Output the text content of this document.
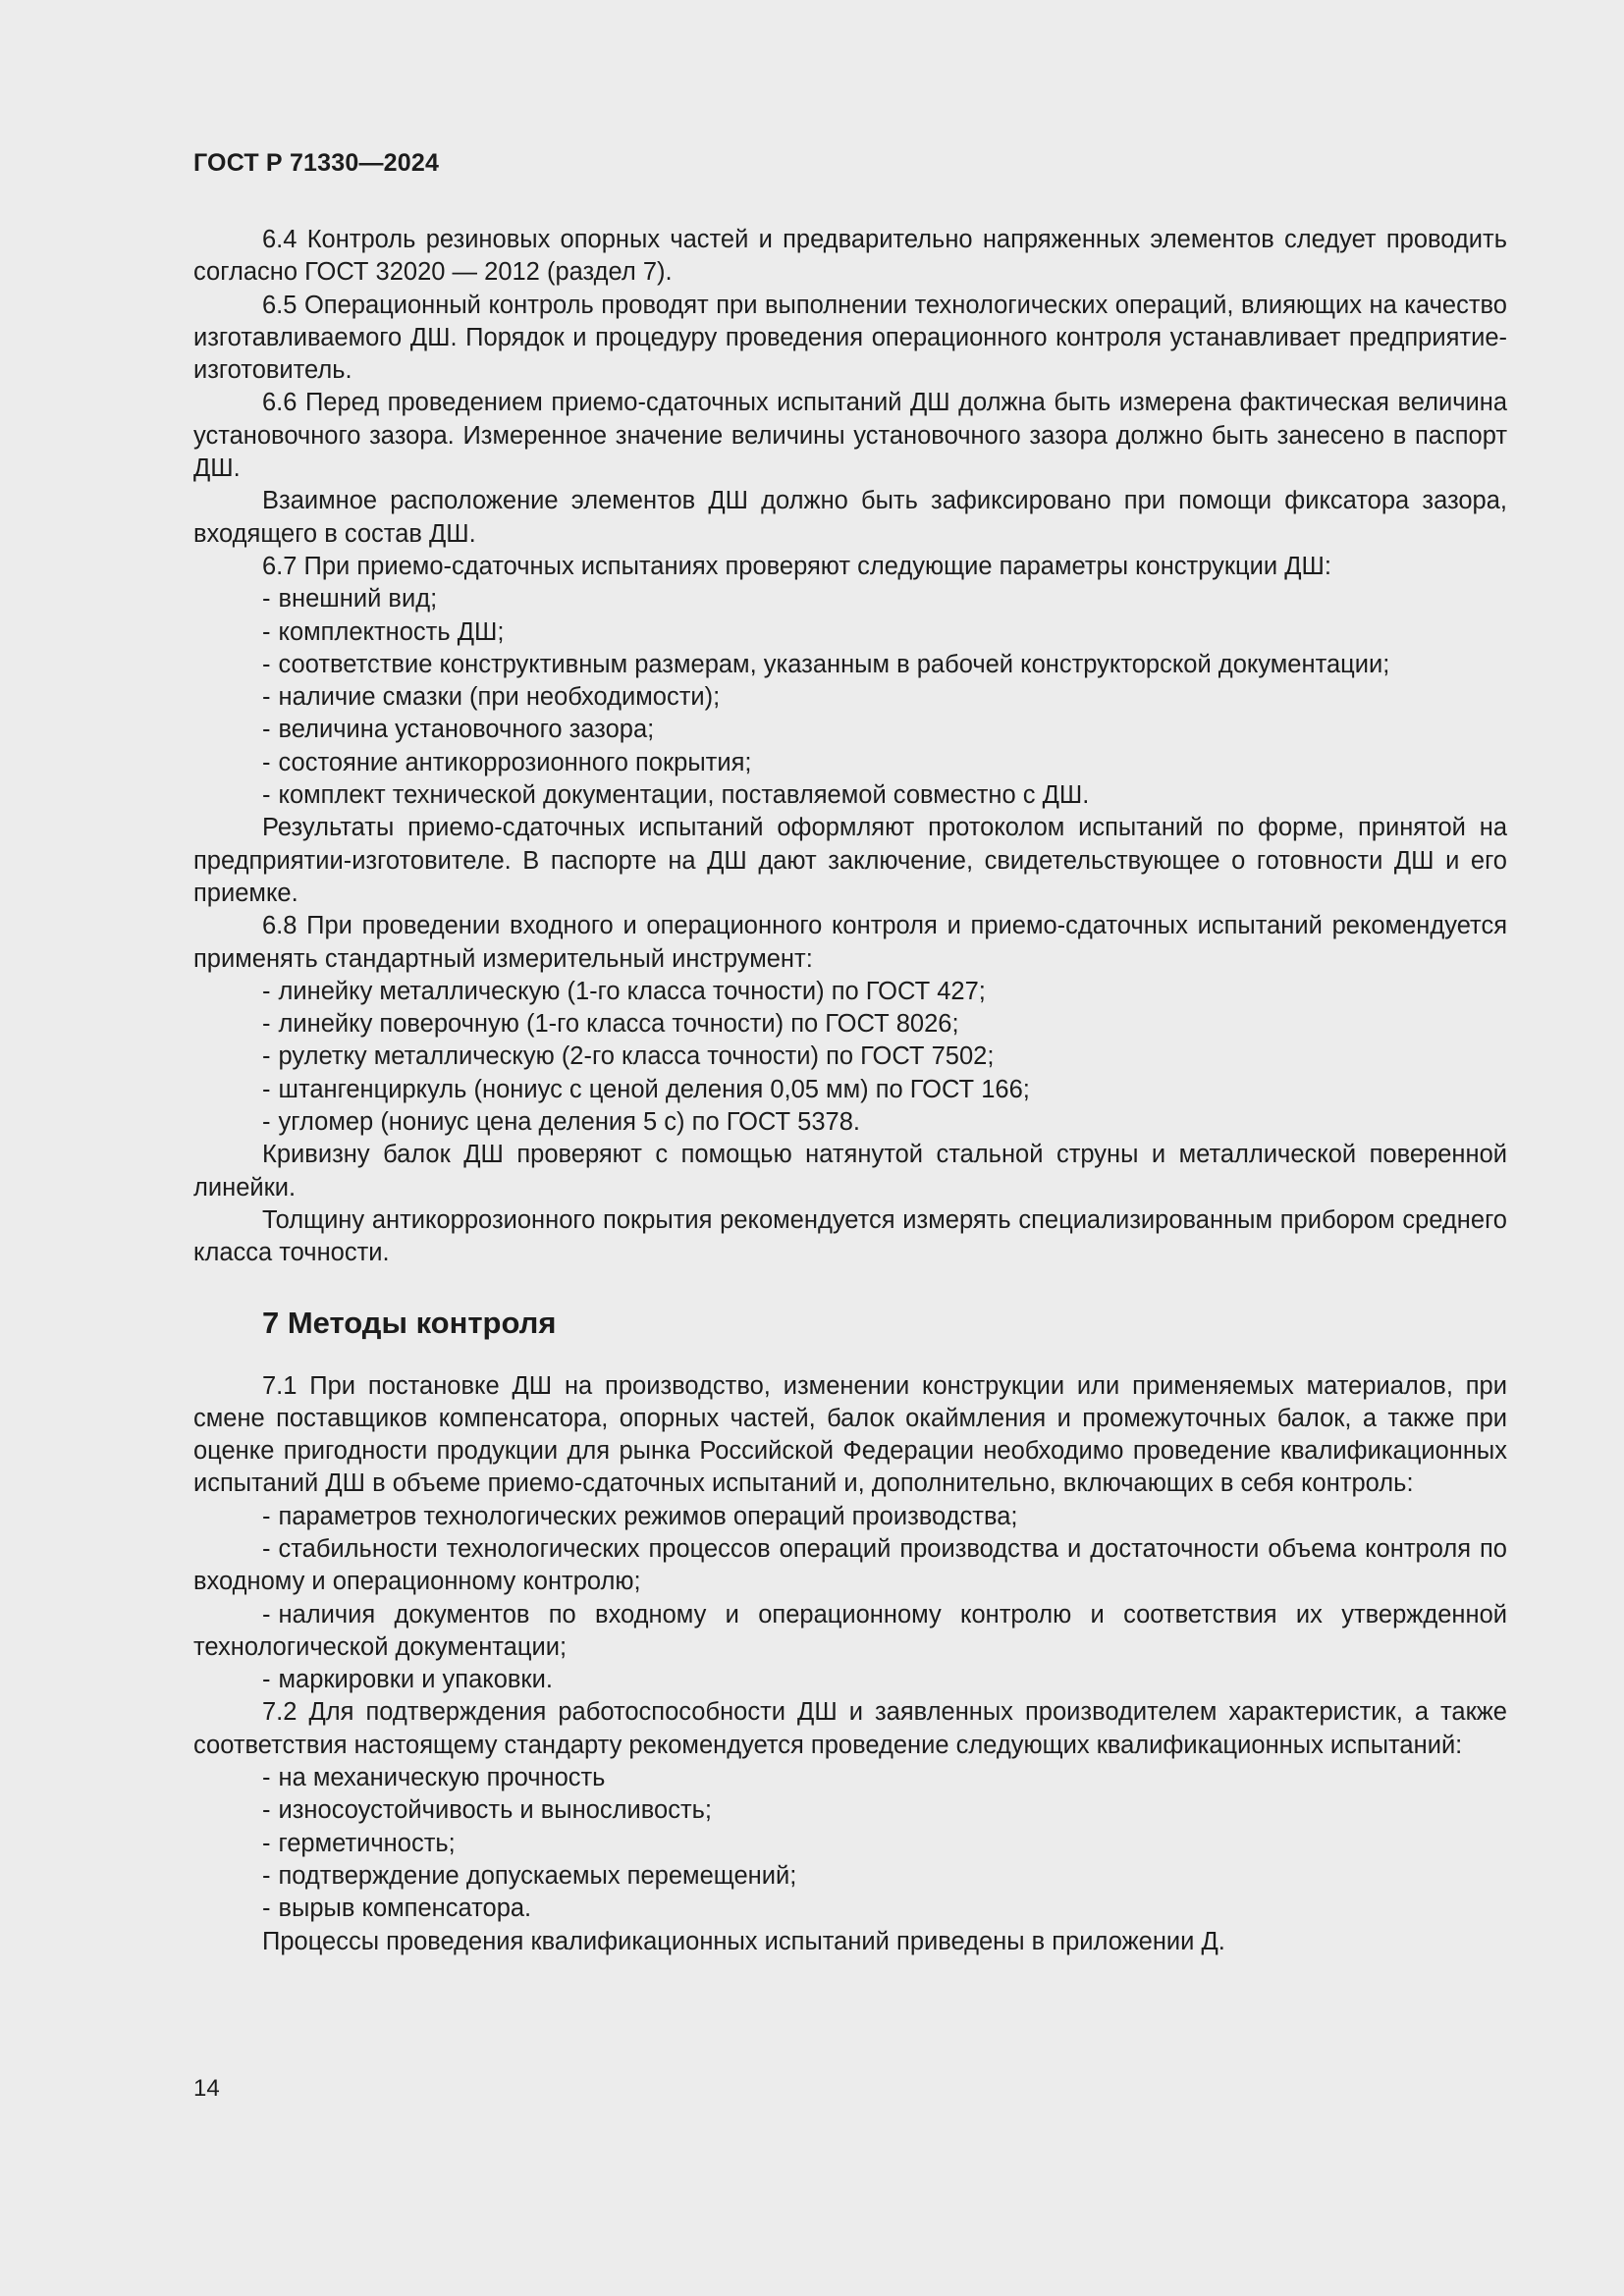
ГОСТ Р 71330—2024

6.4 Контроль резиновых опорных частей и предварительно напряженных элементов следует проводить согласно ГОСТ 32020 — 2012 (раздел 7).

6.5 Операционный контроль проводят при выполнении технологических операций, влияющих на качество изготавливаемого ДШ. Порядок и процедуру проведения операционного контроля устанавливает предприятие-изготовитель.

6.6 Перед проведением приемо-сдаточных испытаний ДШ должна быть измерена фактическая величина установочного зазора. Измеренное значение величины установочного зазора должно быть занесено в паспорт ДШ.

Взаимное расположение элементов ДШ должно быть зафиксировано при помощи фиксатора зазора, входящего в состав ДШ.

6.7 При приемо-сдаточных испытаниях проверяют следующие параметры конструкции ДШ:

- внешний вид;

- комплектность ДШ;

- соответствие конструктивным размерам, указанным в рабочей конструкторской документации;

- наличие смазки (при необходимости);

- величина установочного зазора;

- состояние антикоррозионного покрытия;

- комплект технической документации, поставляемой совместно с ДШ.

Результаты приемо-сдаточных испытаний оформляют протоколом испытаний по форме, принятой на предприятии-изготовителе. В паспорте на ДШ дают заключение, свидетельствующее о готовности ДШ и его приемке.

6.8 При проведении входного и операционного контроля и приемо-сдаточных испытаний рекомендуется применять стандартный измерительный инструмент:

- линейку металлическую (1-го класса точности) по ГОСТ 427;

- линейку поверочную (1-го класса точности) по ГОСТ 8026;

- рулетку металлическую (2-го класса точности) по ГОСТ 7502;

- штангенциркуль (нониус с ценой деления 0,05 мм) по ГОСТ 166;

- угломер (нониус цена деления 5 с) по ГОСТ 5378.

Кривизну балок ДШ проверяют с помощью натянутой стальной струны и металлической поверенной линейки.

Толщину антикоррозионного покрытия рекомендуется измерять специализированным прибором среднего класса точности.

7 Методы контроля

7.1 При постановке ДШ на производство, изменении конструкции или применяемых материалов, при смене поставщиков компенсатора, опорных частей, балок окаймления и промежуточных балок, а также при оценке пригодности продукции для рынка Российской Федерации необходимо проведение квалификационных испытаний ДШ в объеме приемо-сдаточных испытаний и, дополнительно, включающих в себя контроль:

- параметров технологических режимов операций производства;

- стабильности технологических процессов операций производства и достаточности объема контроля по входному и операционному контролю;

- наличия документов по входному и операционному контролю и соответствия их утвержденной технологической документации;

- маркировки и упаковки.

7.2 Для подтверждения работоспособности ДШ и заявленных производителем характеристик, а также соответствия настоящему стандарту рекомендуется проведение следующих квалификационных испытаний:

- на механическую прочность

- износоустойчивость и выносливость;

- герметичность;

- подтверждение допускаемых перемещений;

- вырыв компенсатора.

Процессы проведения квалификационных испытаний приведены в приложении Д.

14
